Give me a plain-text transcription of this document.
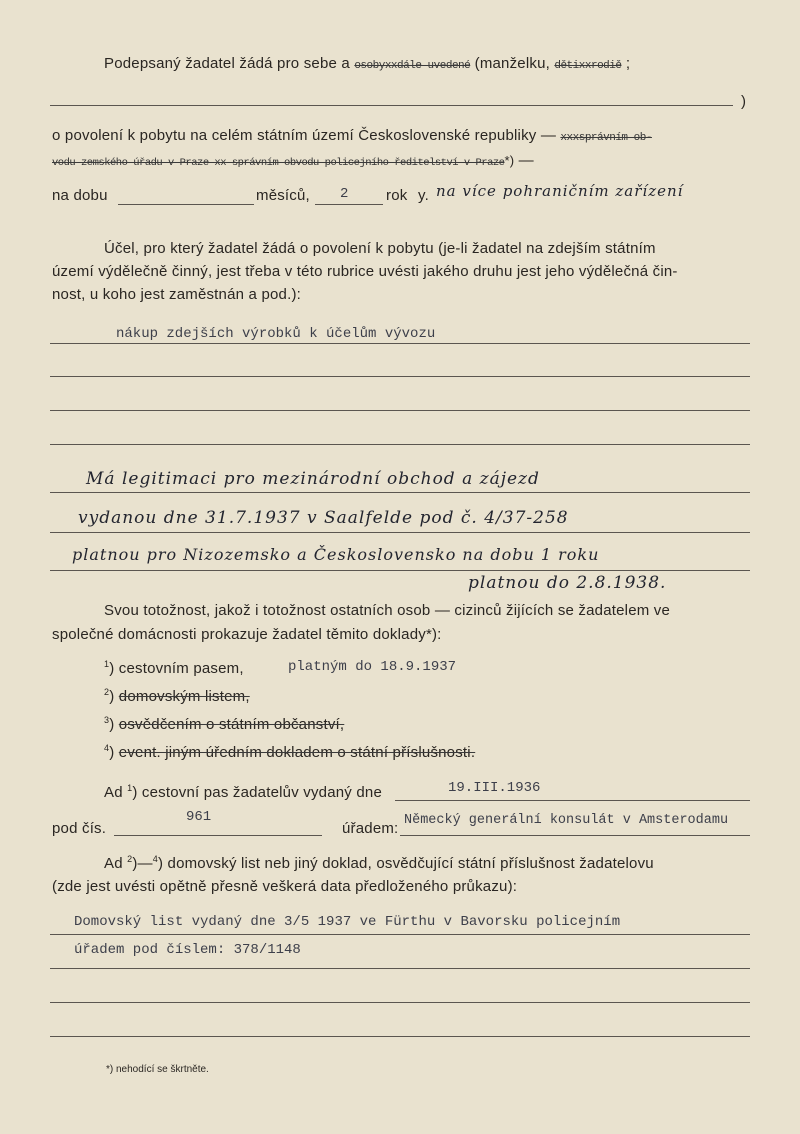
Podepsaný žadatel žádá pro sebe a osobyxxdále uvedené (manželku, dětixxrodiě ;
)
o povolení k pobytu na celém státním území Československé republiky — xxxsprávním ob-
vodu zemského úřadu v Praze xx správním obvodu policejního ředitelství v Praze*) —
na dobu	měsíců, 2	rok y. na více pohraničním zařízení
Účel, pro který žadatel žádá o povolení k pobytu (je-li žadatel na zdejším státním
území výdělečně činný, jest třeba v této rubrice uvésti jakého druhu jest jeho výdělečná čin-
nost, u koho jest zaměstnán a pod.):
nákup zdejších výrobků k účelům vývozu
Má legitimaci pro mezinárodní obchod a zájezd
vydanou dne 31.7.1937 v Saalfelde pod č. 4/37-258
platnou pro Nizozemsko a Československo na dobu 1 roku
platnou do 2.8.1938.
Svou totožnost, jakož i totožnost ostatních osob — cizinců žijících se žadatelem ve
společné domácnosti prokazuje žadatel těmito doklady*):
$^1$) cestovním pasem,	platným do 18.9.1937
$^2$) domovským listem,
$^3$) osvědčením o státním občanství,
$^4$) event. jiným úředním dokladem o státní příslušnosti.
Ad $^1$) cestovní pas žadatelův vydaný dne	19.III.1936
pod čís.
961
úřadem: Německý generální konsulát v Amsterodamu
Ad $^2$)—$^4$) domovský list neb jiný doklad, osvědčující státní příslušnost žadatelovu
(zde jest uvésti opětně přesně veškerá data předloženého průkazu):
Domovský list vydaný dne 3/5 1937 ve Fürthu v Bavorsku policejním
úřadem pod číslem: 378/1148
*) nehodící se škrtněte.
